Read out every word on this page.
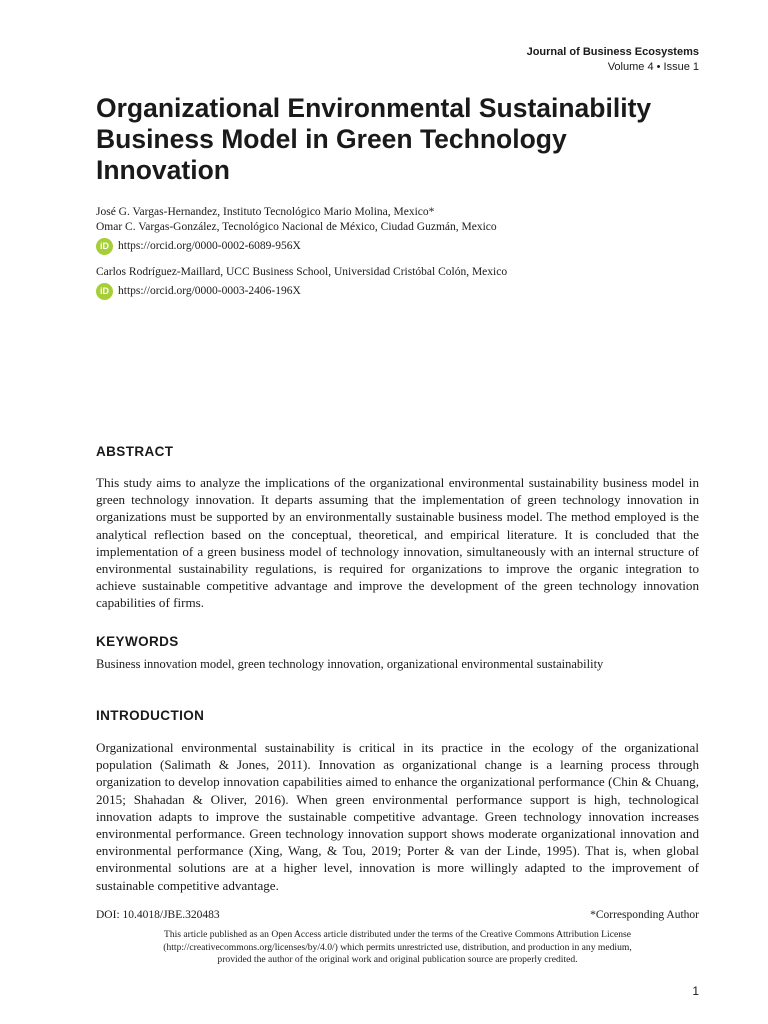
Journal of Business Ecosystems
Volume 4 • Issue 1
Organizational Environmental Sustainability Business Model in Green Technology Innovation
José G. Vargas-Hernandez, Instituto Tecnológico Mario Molina, Mexico*
Omar C. Vargas-González, Tecnológico Nacional de México, Ciudad Guzmán, Mexico
iD https://orcid.org/0000-0002-6089-956X
Carlos Rodríguez-Maillard, UCC Business School, Universidad Cristóbal Colón, Mexico
iD https://orcid.org/0000-0003-2406-196X
ABSTRACT

This study aims to analyze the implications of the organizational environmental sustainability business model in green technology innovation. It departs assuming that the implementation of green technology innovation in organizations must be supported by an environmentally sustainable business model. The method employed is the analytical reflection based on the conceptual, theoretical, and empirical literature. It is concluded that the implementation of a green business model of technology innovation, simultaneously with an internal structure of environmental sustainability regulations, is required for organizations to improve the organic integration to achieve sustainable competitive advantage and improve the development of the green technology innovation capabilities of firms.

KEYWORDS

Business innovation model, green technology innovation, organizational environmental sustainability

INTRODUCTION

Organizational environmental sustainability is critical in its practice in the ecology of the organizational population (Salimath & Jones, 2011). Innovation as organizational change is a learning process through organization to develop innovation capabilities aimed to enhance the organizational performance (Chin & Chuang, 2015; Shahadan & Oliver, 2016). When green environmental performance support is high, technological innovation adapts to improve the sustainable competitive advantage. Green technology innovation increases environmental performance. Green technology innovation support shows moderate organizational innovation and environmental performance (Xing, Wang, & Tou, 2019; Porter & van der Linde, 1995). That is, when global environmental solutions are at a higher level, innovation is more willingly adapted to the improvement of sustainable competitive advantage.

DOI: 10.4018/JBE.320483	*Corresponding Author
This article published as an Open Access article distributed under the terms of the Creative Commons Attribution License
(http://creativecommons.org/licenses/by/4.0/) which permits unrestricted use, distribution, and production in any medium,
provided the author of the original work and original publication source are properly credited.
1
